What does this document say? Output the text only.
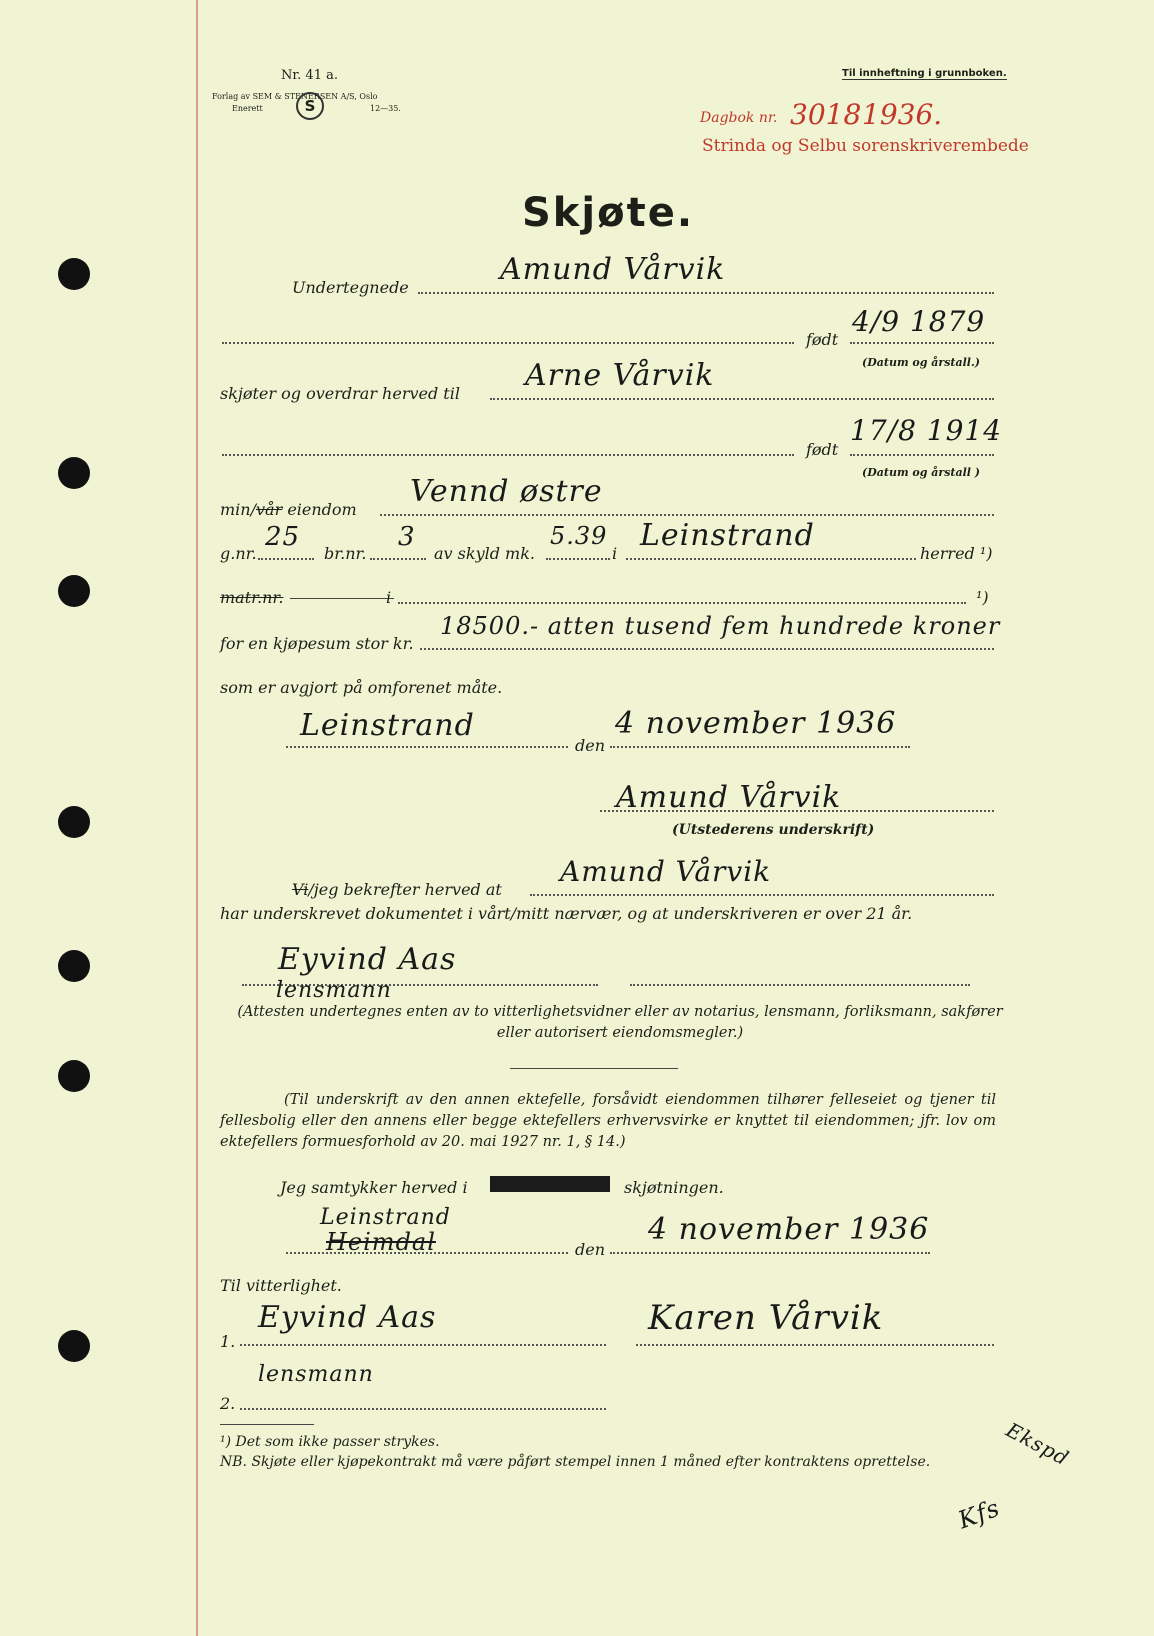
Nr. 41 a.
Forlag av SEM & STENERSEN A/S, Oslo
Enerett	12—35.
S
Til innheftning i grunnboken.
Dagbok nr. 3018 1936.
Strinda og Selbu sorenskriverembede
Skjøte.
Undertegnede
Amund Vårvik
født
4/9 1879
(Datum og årstall.)
skjøter og overdrar herved til
Arne Vårvik
født
17/8 1914
(Datum og årstall )
min/vår eiendom
Vennd østre
g.nr.
25
br.nr.
3
av skyld mk.
5.39
i
Leinstrand
herred ¹)
matr.nr.	i	¹)
for en kjøpesum stor kr.
18500.- atten tusend fem hundrede kroner
som er avgjort på omforenet måte.
Leinstrand
den
4 november 1936
Amund Vårvik
(Utstederens underskrift)
Vi/jeg bekrefter herved at
Amund Vårvik
har underskrevet dokumentet i vårt/mitt nærvær, og at underskriveren er over 21 år.
Eyvind Aas
lensmann
(Attesten undertegnes enten av to vitterlighetsvidner eller av notarius, lensmann, forliksmann, sakfører eller autorisert eiendomsmegler.)
(Til underskrift av den annen ektefelle, forsåvidt eiendommen tilhører felleseiet og tjener til fellesbolig eller den annens eller begge ektefellers erhvervsvirke er knyttet til eiendommen; jfr. lov om ektefellers formuesforhold av 20. mai 1927 nr. 1, § 14.)
Jeg samtykker herved i	skjøtningen.
Leinstrand
Heimdal	den
4 november 1936
Til vitterlighet.
1.
Eyvind Aas
lensmann
Karen Vårvik
2.
¹) Det som ikke passer strykes.
NB. Skjøte eller kjøpekontrakt må være påført stempel innen 1 måned efter kontraktens oprettelse.	Ekspd
Kfs
